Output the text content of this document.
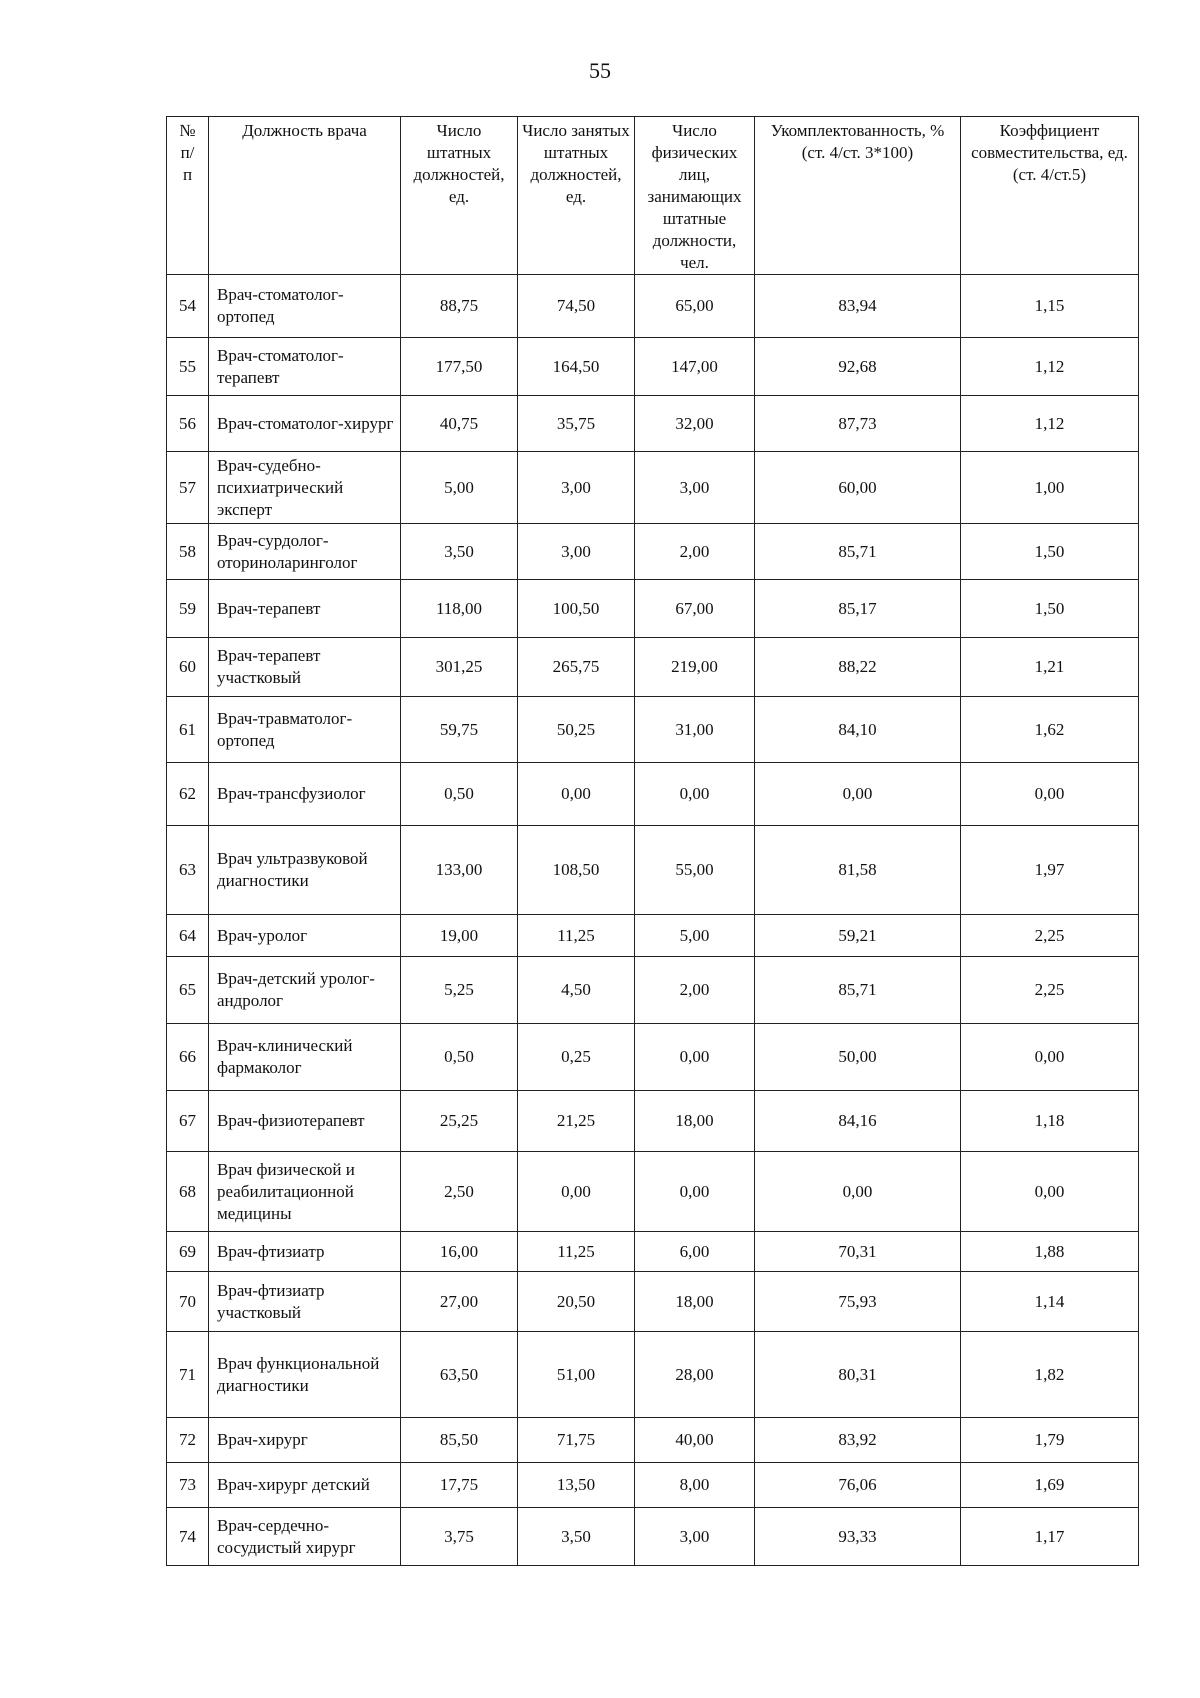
55
№ п/п	Должность врача	Число штатных должностей, ед.	Число занятых штатных должностей, ед.	Число физических лиц, занимающих штатные должности, чел.	Укомплектованность, % (ст. 4/ст. 3*100)	Коэффициент совместительства, ед. (ст. 4/ст.5)
54	Врач-стоматолог-ортопед	88,75	74,50	65,00	83,94	1,15
55	Врач-стоматолог-терапевт	177,50	164,50	147,00	92,68	1,12
56	Врач-стоматолог-хирург	40,75	35,75	32,00	87,73	1,12
57	Врач-судебно-психиатрический эксперт	5,00	3,00	3,00	60,00	1,00
58	Врач-сурдолог-оториноларинголог	3,50	3,00	2,00	85,71	1,50
59	Врач-терапевт	118,00	100,50	67,00	85,17	1,50
60	Врач-терапевт участковый	301,25	265,75	219,00	88,22	1,21
61	Врач-травматолог-ортопед	59,75	50,25	31,00	84,10	1,62
62	Врач-трансфузиолог	0,50	0,00	0,00	0,00	0,00
63	Врач ультразвуковой диагностики	133,00	108,50	55,00	81,58	1,97
64	Врач-уролог	19,00	11,25	5,00	59,21	2,25
65	Врач-детский уролог-андролог	5,25	4,50	2,00	85,71	2,25
66	Врач-клинический фармаколог	0,50	0,25	0,00	50,00	0,00
67	Врач-физиотерапевт	25,25	21,25	18,00	84,16	1,18
68	Врач физической и реабилитационной медицины	2,50	0,00	0,00	0,00	0,00
69	Врач-фтизиатр	16,00	11,25	6,00	70,31	1,88
70	Врач-фтизиатр участковый	27,00	20,50	18,00	75,93	1,14
71	Врач функциональной диагностики	63,50	51,00	28,00	80,31	1,82
72	Врач-хирург	85,50	71,75	40,00	83,92	1,79
73	Врач-хирург детский	17,75	13,50	8,00	76,06	1,69
74	Врач-сердечно-сосудистый хирург	3,75	3,50	3,00	93,33	1,17
